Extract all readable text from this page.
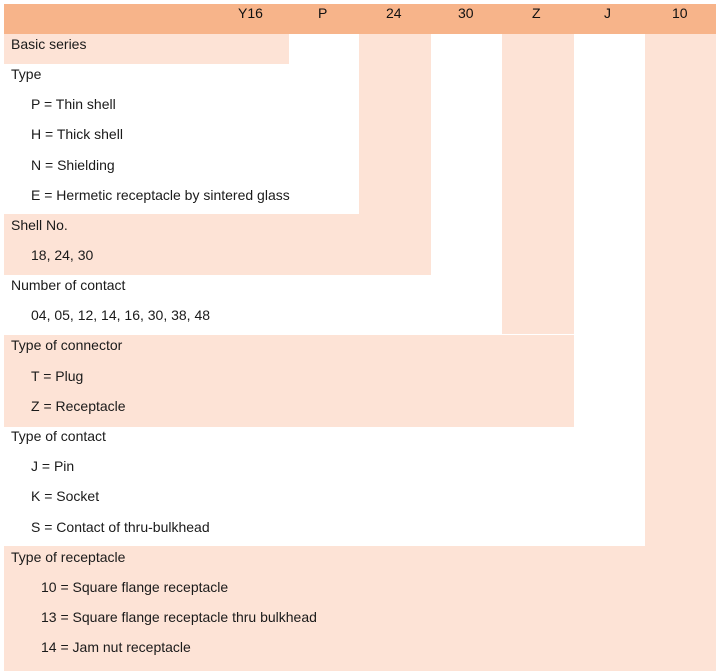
Y16	P	24	30	Z	J	10
Basic series
Type
P = Thin shell
H = Thick shell
N = Shielding
E = Hermetic receptacle by sintered glass
Shell No.
18, 24, 30
Number of contact
04, 05, 12, 14, 16, 30, 38, 48
Type of connector
T = Plug
Z = Receptacle
Type of contact
J = Pin
K = Socket
S = Contact of thru-bulkhead
Type of receptacle
10 = Square flange receptacle
13 = Square flange receptacle thru bulkhead
14 = Jam nut receptacle
